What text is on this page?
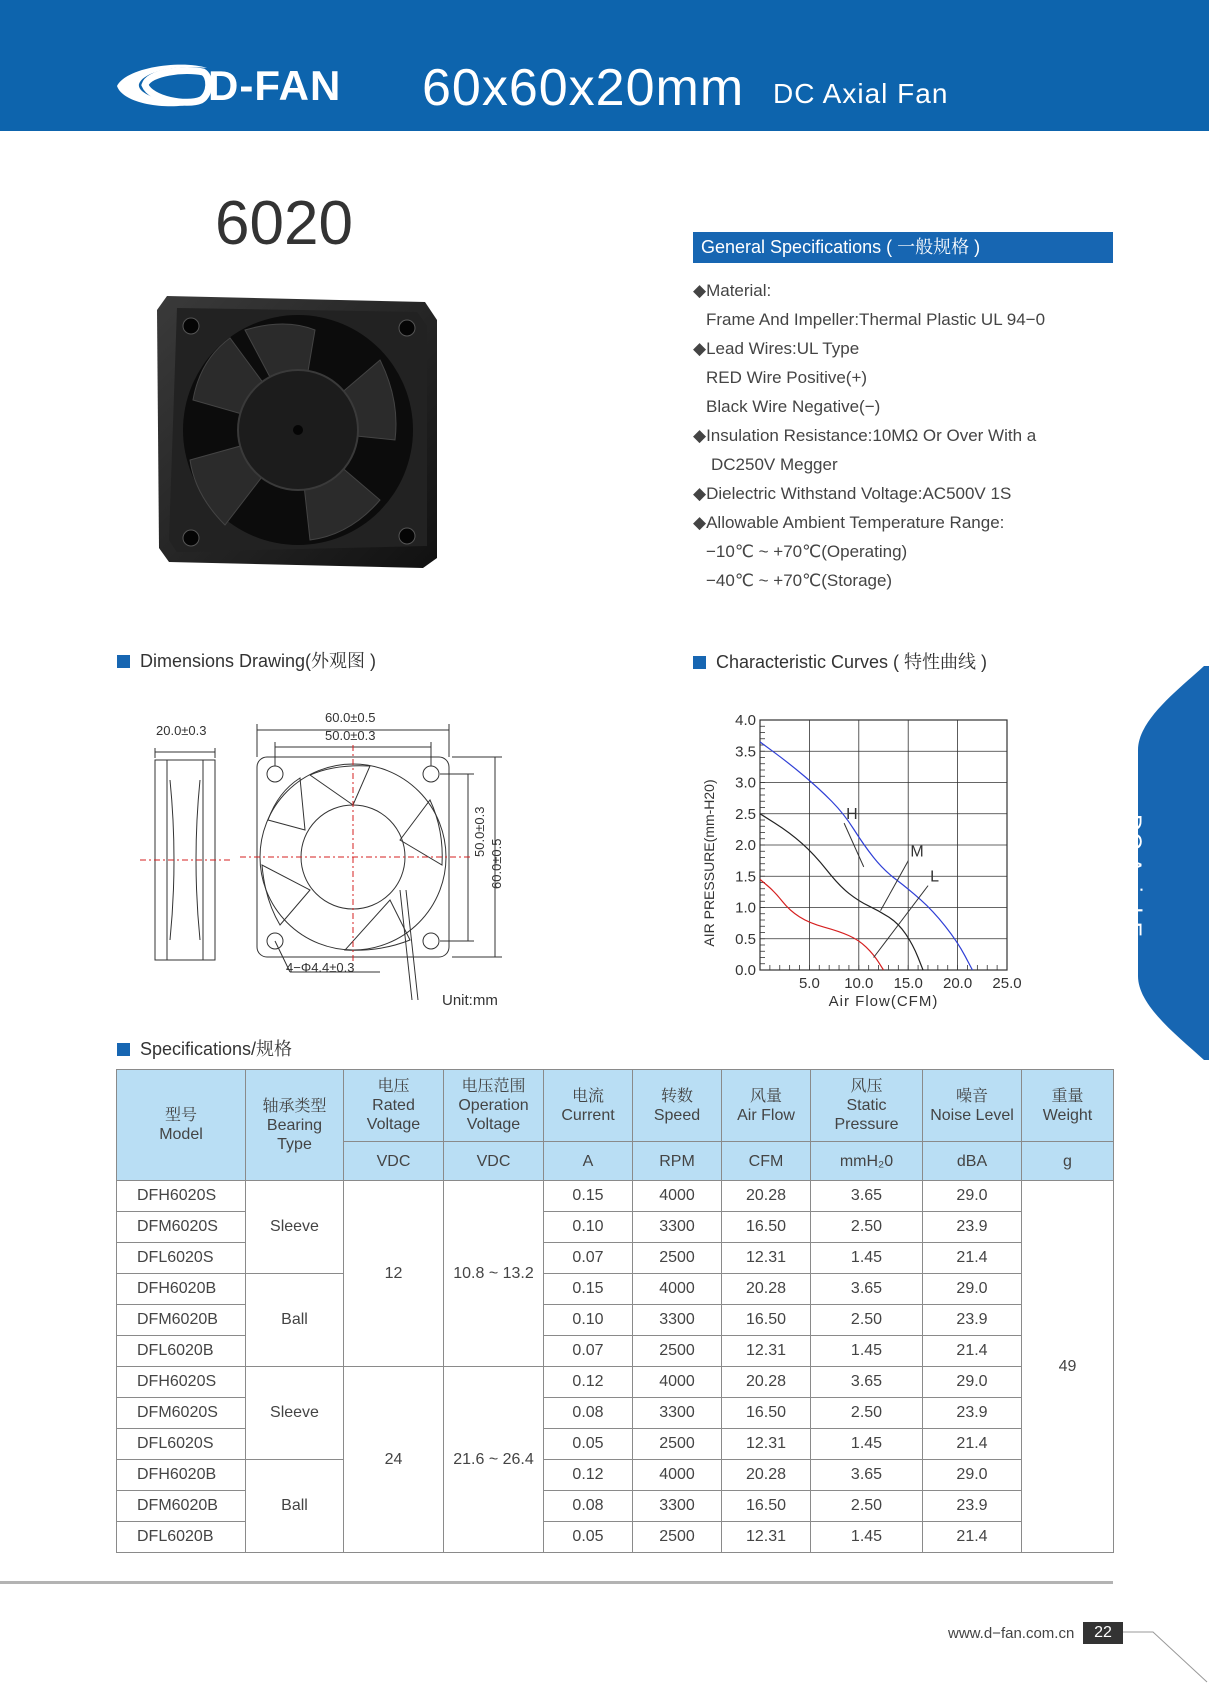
D-FAN 60x60x20mm DC Axial Fan
6020	General Specifications ( 一般规格 )
◆Material:
Frame And Impeller:Thermal Plastic UL 94−0
◆Lead Wires:UL Type
RED Wire Positive(+)
Black Wire Negative(−)
◆Insulation Resistance:10MΩ Or Over With a
DC250V Megger
◆Dielectric Withstand Voltage:AC500V 1S
◆Allowable Ambient Temperature Range:
−10℃ ~ +70℃(Operating)
−40℃ ~ +70℃(Storage)
Dimensions Drawing(外观图 )	Characteristic Curves ( 特性曲线 )
Specifications/规格
DC Axial Fan
20.0±0.3
60.0±0.5
50.0±0.3
50.0±0.3
60.0±0.5
4−Φ4.4±0.3
Unit:mm
5.0 10.0 15.0 20.0 25.0
0.0
0.5
1.0
1.5
2.0
2.5
3.0
3.5
4.0
Air Flow(CFM)
AIR PRESSURE(mm-H20)	H
M
L
型号
Model	轴承类型
Bearing
Type	电压
Rated
Voltage	电压范围
Operation
Voltage	电流
Current	转数
Speed	风量
Air Flow	风压
Static
Pressure	噪音
Noise Level	重量
Weight
		VDC	VDC	A	RPM	CFM	mmH₂0	dBA	g
DFH6020S	Sleeve	12	10.8 ~ 13.2	0.15	4000	20.28	3.65	29.0	49
DFM6020S				0.10	3300	16.50	2.50	23.9	
DFL6020S				0.07	2500	12.31	1.45	21.4	
DFH6020B	Ball			0.15	4000	20.28	3.65	29.0	
DFM6020B				0.10	3300	16.50	2.50	23.9	
DFL6020B				0.07	2500	12.31	1.45	21.4	
DFH6020S	Sleeve	24	21.6 ~ 26.4	0.12	4000	20.28	3.65	29.0	
DFM6020S				0.08	3300	16.50	2.50	23.9	
DFL6020S				0.05	2500	12.31	1.45	21.4	
DFH6020B	Ball			0.12	4000	20.28	3.65	29.0	
DFM6020B				0.08	3300	16.50	2.50	23.9	
DFL6020B				0.05	2500	12.31	1.45	21.4	
www.d−fan.com.cn	22
